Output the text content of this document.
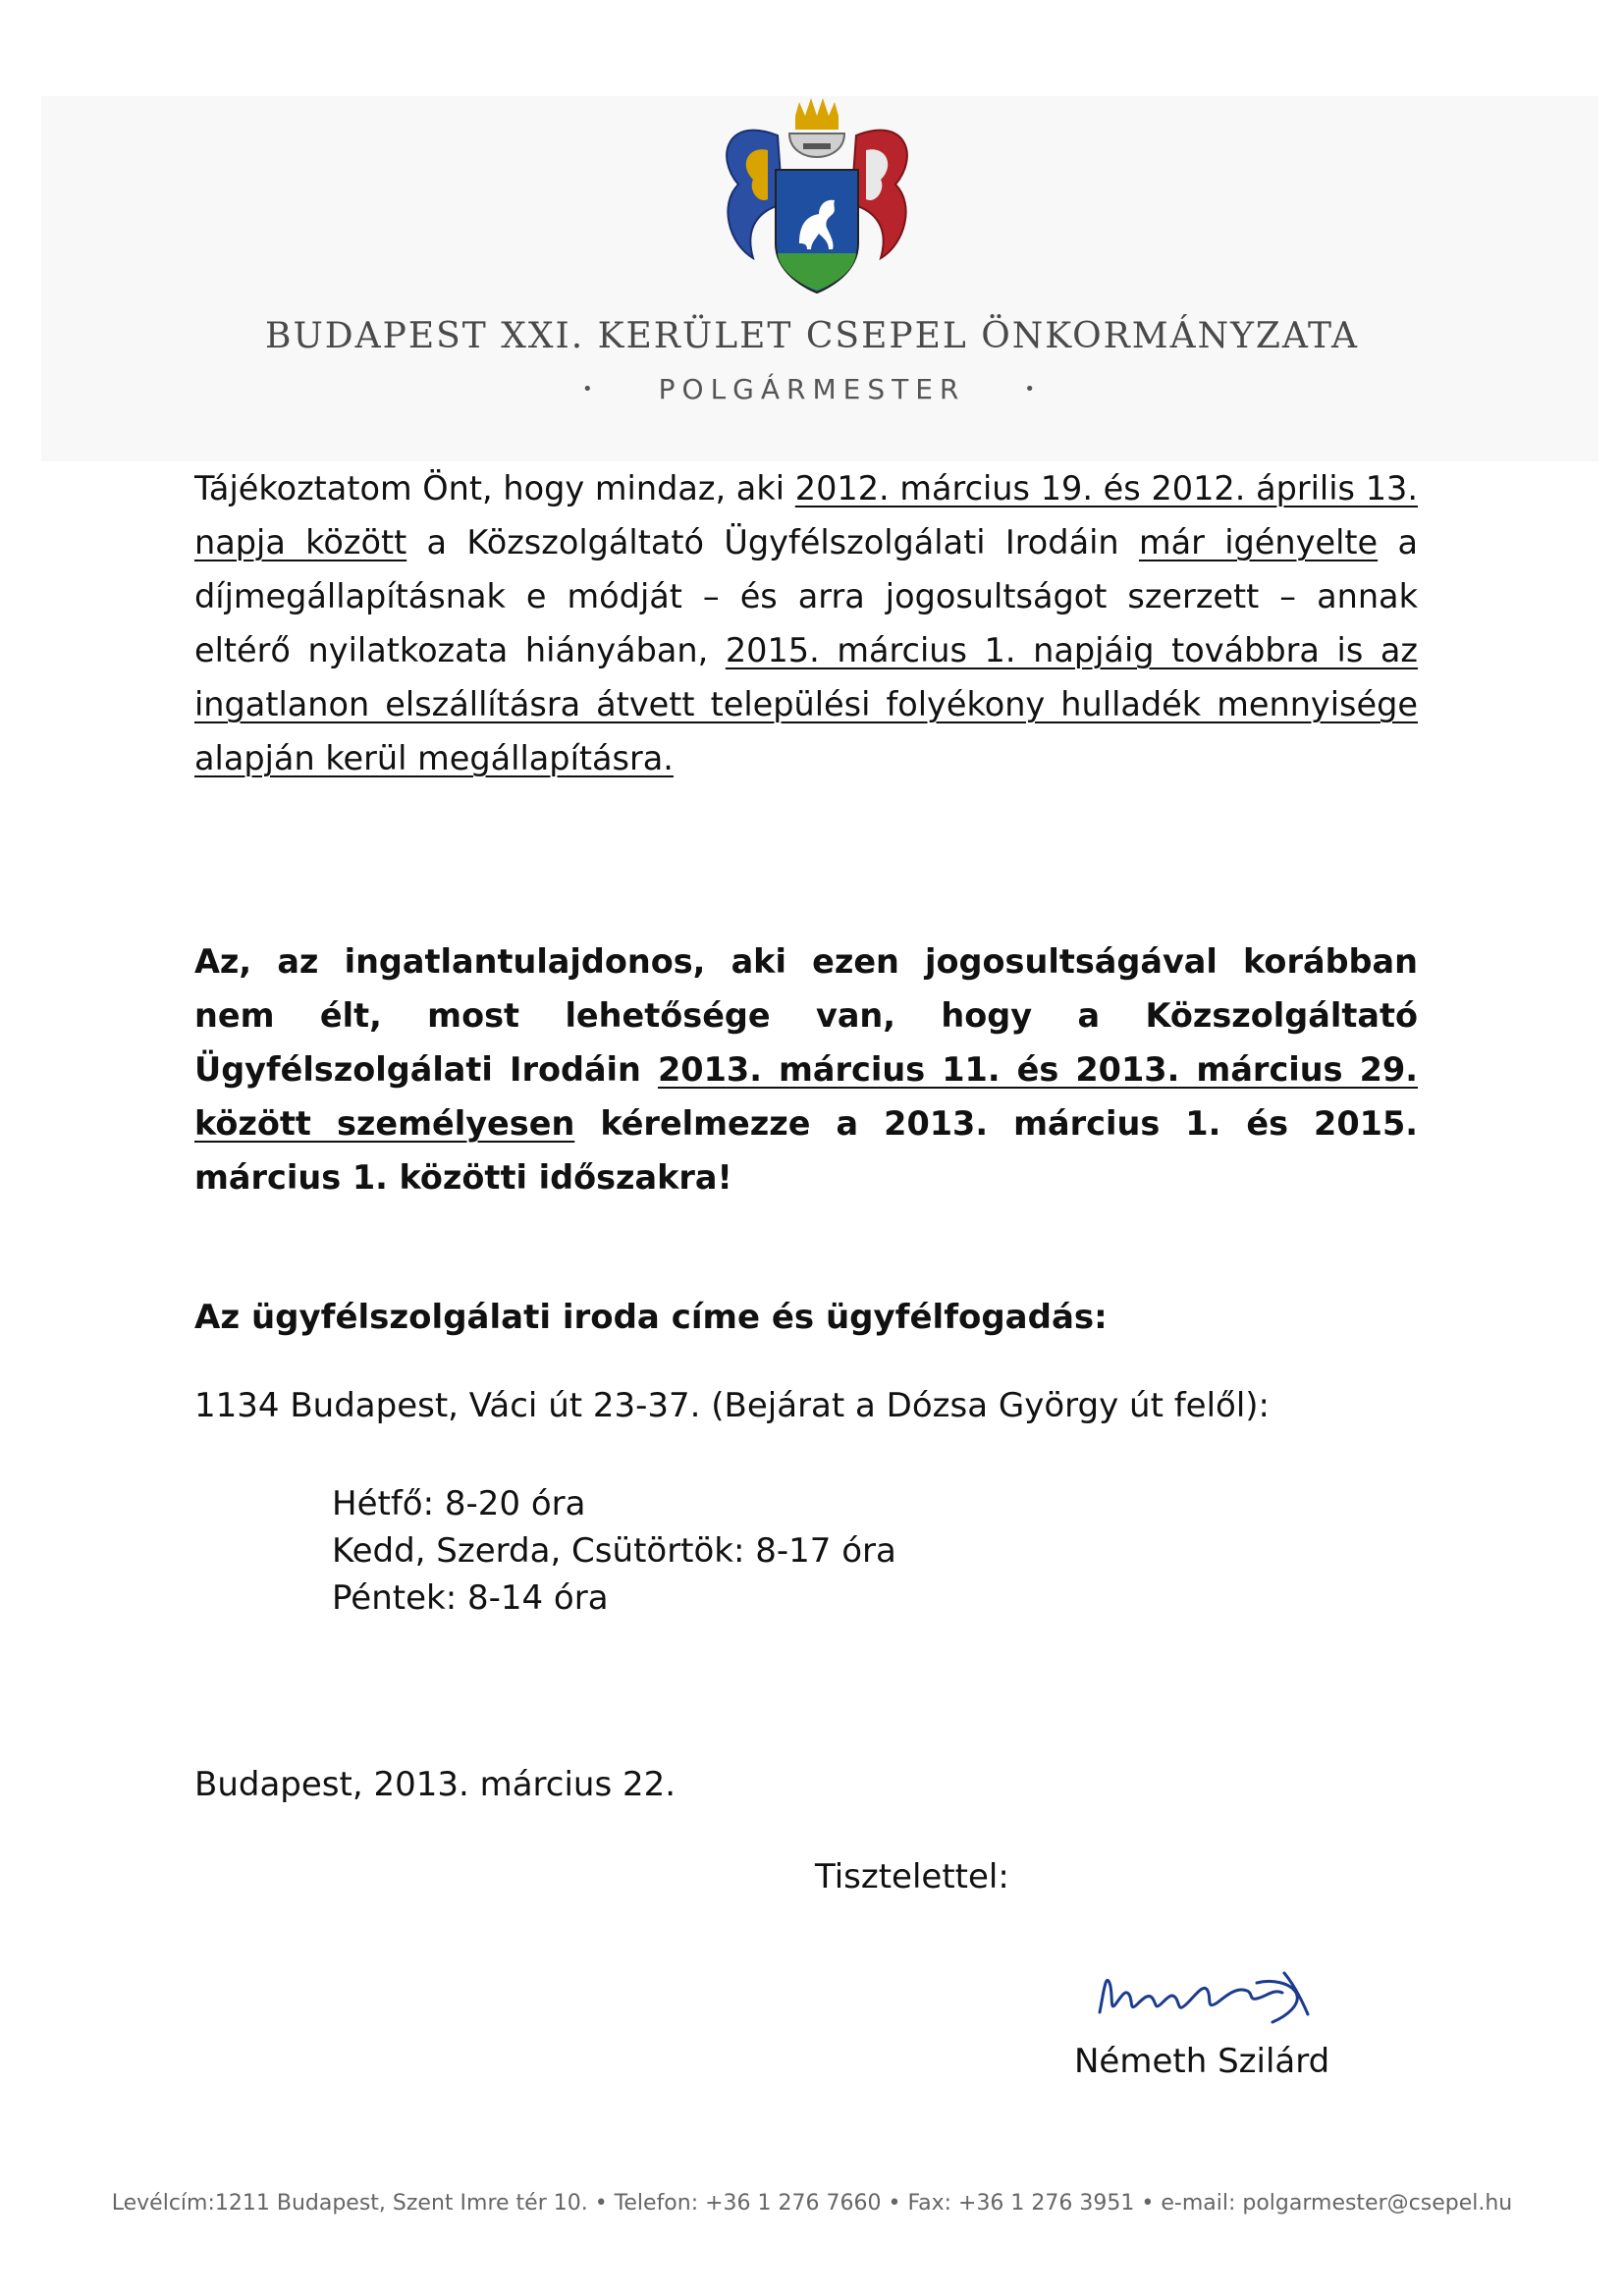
BUDAPEST XXI. KERÜLET CSEPEL ÖNKORMÁNYZATA
• POLGÁRMESTER	•
Tájékoztatom Önt, hogy mindaz, aki 2012. március 19. és 2012. április 13. napja között a Közszolgáltató Ügyfélszolgálati Irodáin már igényelte a díjmegállapításnak e módját – és arra jogosultságot szerzett – annak eltérő nyilatkozata hiányában, 2015. március 1. napjáig továbbra is az ingatlanon elszállításra átvett települési folyékony hulladék mennyisége alapján kerül megállapításra.
Az, az ingatlantulajdonos, aki ezen jogosultságával korábban nem élt, most lehetősége van, hogy a Közszolgáltató Ügyfélszolgálati Irodáin 2013. március 11. és 2013. március 29. között személyesen kérelmezze a 2013. március 1. és 2015. március 1. közötti időszakra!
Az ügyfélszolgálati iroda címe és ügyfélfogadás:
1134 Budapest, Váci út 23-37. (Bejárat a Dózsa György út felől):
Hétfő: 8-20 óra
Kedd, Szerda, Csütörtök: 8-17 óra
Péntek: 8-14 óra
Budapest, 2013. március 22.
Tisztelettel:
Németh Szilárd
Levélcím:1211 Budapest, Szent Imre tér 10. • Telefon: +36 1 276 7660 • Fax: +36 1 276 3951 • e-mail: polgarmester@csepel.hu
